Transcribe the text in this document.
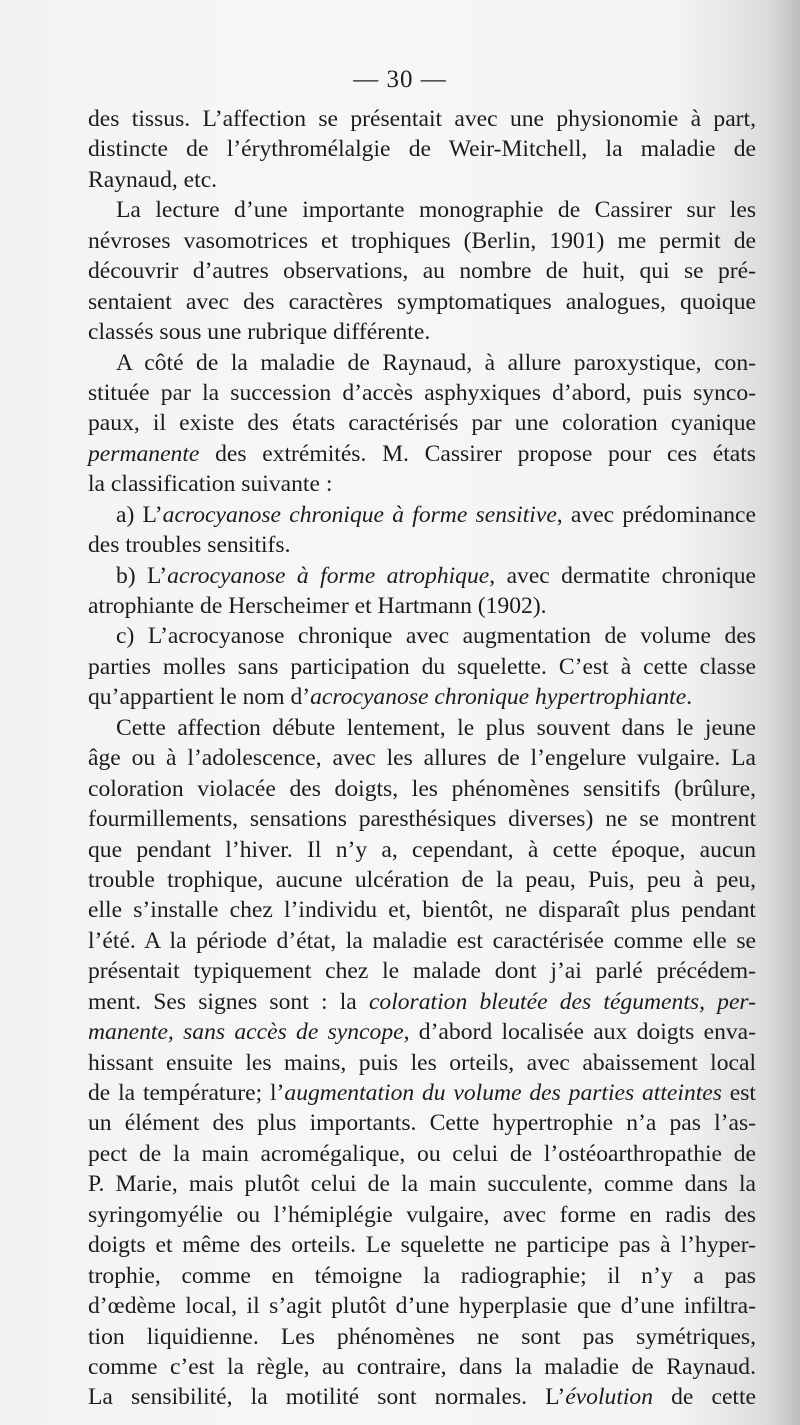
— 30 —
des tissus. L’affection se présentait avec une physionomie à part,
distincte de l’érythromélalgie de Weir-Mitchell, la maladie de
Raynaud, etc.
La lecture d’une importante monographie de Cassirer sur les
névroses vasomotrices et trophiques (Berlin, 1901) me permit de
découvrir d’autres observations, au nombre de huit, qui se pré-
sentaient avec des caractères symptomatiques analogues, quoique
classés sous une rubrique différente.
A côté de la maladie de Raynaud, à allure paroxystique, con-
stituée par la succession d’accès asphyxiques d’abord, puis synco-
paux, il existe des états caractérisés par une coloration cyanique
permanente des extrémités. M. Cassirer propose pour ces états
la classification suivante :
a) L’acrocyanose chronique à forme sensitive, avec prédominance
des troubles sensitifs.
b) L’acrocyanose à forme atrophique, avec dermatite chronique
atrophiante de Herscheimer et Hartmann (1902).
c) L’acrocyanose chronique avec augmentation de volume des
parties molles sans participation du squelette. C’est à cette classe
qu’appartient le nom d’acrocyanose chronique hypertrophiante.
Cette affection débute lentement, le plus souvent dans le jeune
âge ou à l’adolescence, avec les allures de l’engelure vulgaire. La
coloration violacée des doigts, les phénomènes sensitifs (brûlure,
fourmillements, sensations paresthésiques diverses) ne se montrent
que pendant l’hiver. Il n’y a, cependant, à cette époque, aucun
trouble trophique, aucune ulcération de la peau, Puis, peu à peu,
elle s’installe chez l’individu et, bientôt, ne disparaît plus pendant
l’été. A la période d’état, la maladie est caractérisée comme elle se
présentait typiquement chez le malade dont j’ai parlé précédem-
ment. Ses signes sont : la coloration bleutée des téguments, per-
manente, sans accès de syncope, d’abord localisée aux doigts enva-
hissant ensuite les mains, puis les orteils, avec abaissement local
de la température; l’augmentation du volume des parties atteintes est
un élément des plus importants. Cette hypertrophie n’a pas l’as-
pect de la main acromégalique, ou celui de l’ostéoarthropathie de
P. Marie, mais plutôt celui de la main succulente, comme dans la
syringomyélie ou l’hémiplégie vulgaire, avec forme en radis des
doigts et même des orteils. Le squelette ne participe pas à l’hyper-
trophie, comme en témoigne la radiographie; il n’y a pas
d’œdème local, il s’agit plutôt d’une hyperplasie que d’une infiltra-
tion liquidienne. Les phénomènes ne sont pas symétriques,
comme c’est la règle, au contraire, dans la maladie de Raynaud.
La sensibilité, la motilité sont normales. L’évolution de cette
